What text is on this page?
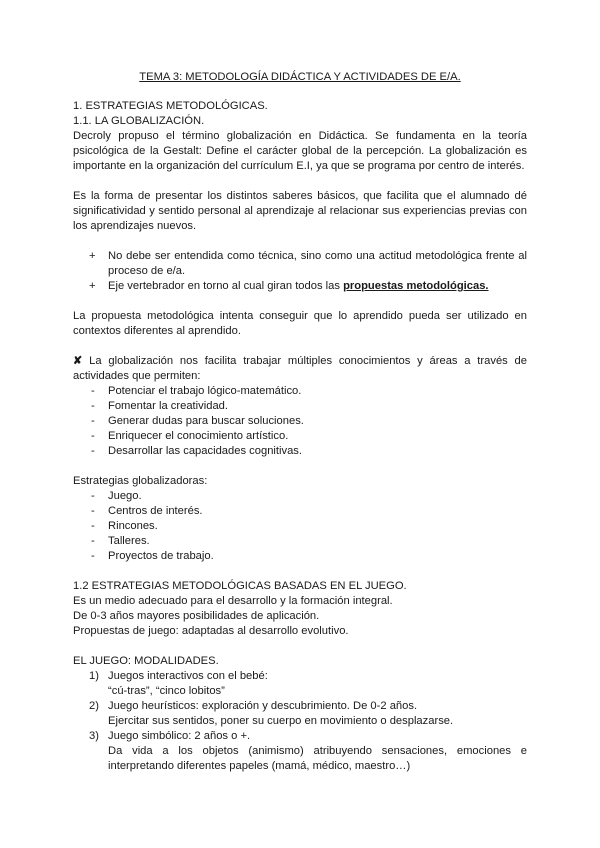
TEMA 3: METODOLOGÍA DIDÁCTICA Y ACTIVIDADES DE E/A.

1. ESTRATEGIAS METODOLÓGICAS.

1.1. LA GLOBALIZACIÓN.

Decroly propuso el término globalización en Didáctica. Se fundamenta en la teoría psicológica de la Gestalt: Define el carácter global de la percepción. La globalización es importante en la organización del currículum E.I, ya que se programa por centro de interés.

Es la forma de presentar los distintos saberes básicos, que facilita que el alumnado dé significatividad y sentido personal al aprendizaje al relacionar sus experiencias previas con los aprendizajes nuevos.

+ No debe ser entendida como técnica, sino como una actitud metodológica frente al proceso de e/a.
+ Eje vertebrador en torno al cual giran todos las propuestas metodológicas.

La propuesta metodológica intenta conseguir que lo aprendido pueda ser utilizado en contextos diferentes al aprendido.

✘ La globalización nos facilita trabajar múltiples conocimientos y áreas a través de actividades que permiten:

- Potenciar el trabajo lógico-matemático.
- Fomentar la creatividad.
- Generar dudas para buscar soluciones.
- Enriquecer el conocimiento artístico.
- Desarrollar las capacidades cognitivas.

Estrategias globalizadoras:

- Juego.
- Centros de interés.
- Rincones.
- Talleres.
- Proyectos de trabajo.

1.2 ESTRATEGIAS METODOLÓGICAS BASADAS EN EL JUEGO.

Es un medio adecuado para el desarrollo y la formación integral.

De 0-3 años mayores posibilidades de aplicación.

Propuestas de juego: adaptadas al desarrollo evolutivo.

EL JUEGO: MODALIDADES.

1) Juegos interactivos con el bebé:
“cú-tras”, “cinco lobitos”
2) Juego heurísticos: exploración y descubrimiento. De 0-2 años.
Ejercitar sus sentidos, poner su cuerpo en movimiento o desplazarse.
3) Juego simbólico: 2 años o +.
Da vida a los objetos (animismo) atribuyendo sensaciones, emociones e interpretando diferentes papeles (mamá, médico, maestro…)
